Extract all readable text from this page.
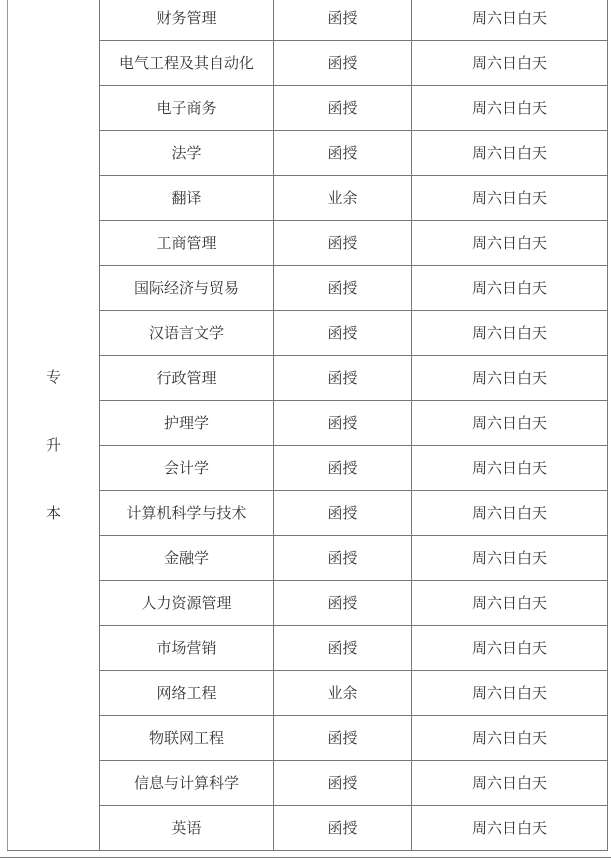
专
升
本	财务管理	函授	周六日白天
	电气工程及其自动化	函授	周六日白天
	电子商务	函授	周六日白天
	法学	函授	周六日白天
	翻译	业余	周六日白天
	工商管理	函授	周六日白天
	国际经济与贸易	函授	周六日白天
	汉语言文学	函授	周六日白天
	行政管理	函授	周六日白天
	护理学	函授	周六日白天
	会计学	函授	周六日白天
	计算机科学与技术	函授	周六日白天
	金融学	函授	周六日白天
	人力资源管理	函授	周六日白天
	市场营销	函授	周六日白天
	网络工程	业余	周六日白天
	物联网工程	函授	周六日白天
	信息与计算科学	函授	周六日白天
	英语	函授	周六日白天
